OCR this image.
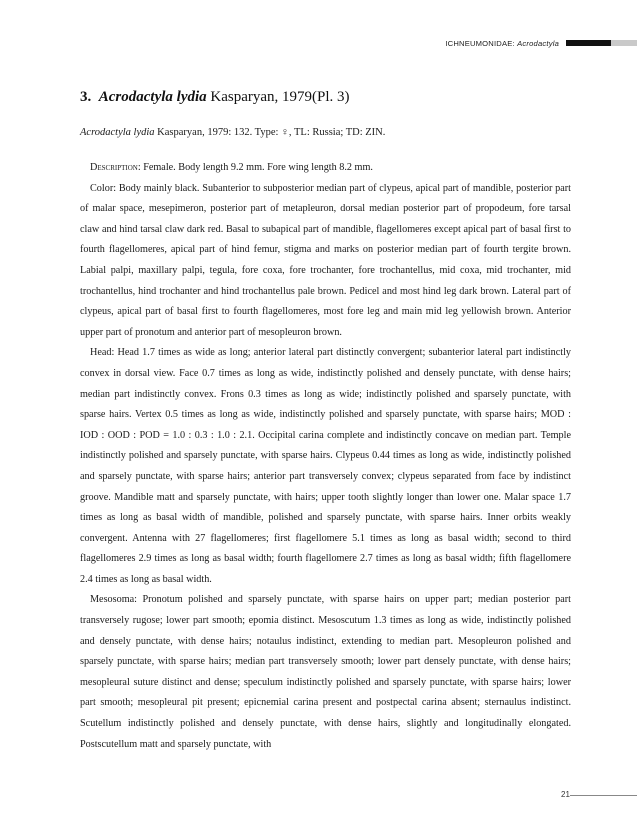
ICHNEUMONIDAE: Acrodactyla
3. Acrodactyla lydia Kasparyan, 1979(Pl. 3)
Acrodactyla lydia Kasparyan, 1979: 132. Type: ♀, TL: Russia; TD: ZIN.

Description: Female. Body length 9.2 mm. Fore wing length 8.2 mm.

Color: Body mainly black. Subanterior to subposterior median part of clypeus, apical part of mandible, posterior part of malar space, mesepimeron, posterior part of metapleuron, dorsal median posterior part of propodeum, fore tarsal claw and hind tarsal claw dark red. Basal to subapical part of mandible, flagellomeres except apical part of basal first to fourth flagellomeres, apical part of hind femur, stigma and marks on posterior median part of fourth tergite brown. Labial palpi, maxillary palpi, tegula, fore coxa, fore trochanter, fore trochantellus, mid coxa, mid trochanter, mid trochantellus, hind trochanter and hind trochantellus pale brown. Pedicel and most hind leg dark brown. Lateral part of clypeus, apical part of basal first to fourth flagellomeres, most fore leg and main mid leg yellowish brown. Anterior upper part of pronotum and anterior part of mesopleuron brown.

Head: Head 1.7 times as wide as long; anterior lateral part distinctly convergent; subanterior lateral part indistinctly convex in dorsal view. Face 0.7 times as long as wide, indistinctly polished and densely punctate, with dense hairs; median part indistinctly convex. Frons 0.3 times as long as wide; indistinctly polished and sparsely punctate, with sparse hairs. Vertex 0.5 times as long as wide, indistinctly polished and sparsely punctate, with sparse hairs; MOD : IOD : OOD : POD = 1.0 : 0.3 : 1.0 : 2.1. Occipital carina complete and indistinctly concave on median part. Temple indistinctly polished and sparsely punctate, with sparse hairs. Clypeus 0.44 times as long as wide, indistinctly polished and sparsely punctate, with sparse hairs; anterior part transversely convex; clypeus separated from face by indistinct groove. Mandible matt and sparsely punctate, with hairs; upper tooth slightly longer than lower one. Malar space 1.7 times as long as basal width of mandible, polished and sparsely punctate, with sparse hairs. Inner orbits weakly convergent. Antenna with 27 flagellomeres; first flagellomere 5.1 times as long as basal width; second to third flagellomeres 2.9 times as long as basal width; fourth flagellomere 2.7 times as long as basal width; fifth flagellomere 2.4 times as long as basal width.

Mesosoma: Pronotum polished and sparsely punctate, with sparse hairs on upper part; median posterior part transversely rugose; lower part smooth; epomia distinct. Mesoscutum 1.3 times as long as wide, indistinctly polished and densely punctate, with dense hairs; notaulus indistinct, extending to median part. Mesopleuron polished and sparsely punctate, with sparse hairs; median part transversely smooth; lower part densely punctate, with dense hairs; mesopleural suture distinct and dense; speculum indistinctly polished and sparsely punctate, with sparse hairs; lower part smooth; mesopleural pit present; epicnemial carina present and postpectal carina absent; sternaulus indistinct. Scutellum indistinctly polished and densely punctate, with dense hairs, slightly and longitudinally elongated. Postscutellum matt and sparsely punctate, with

21
